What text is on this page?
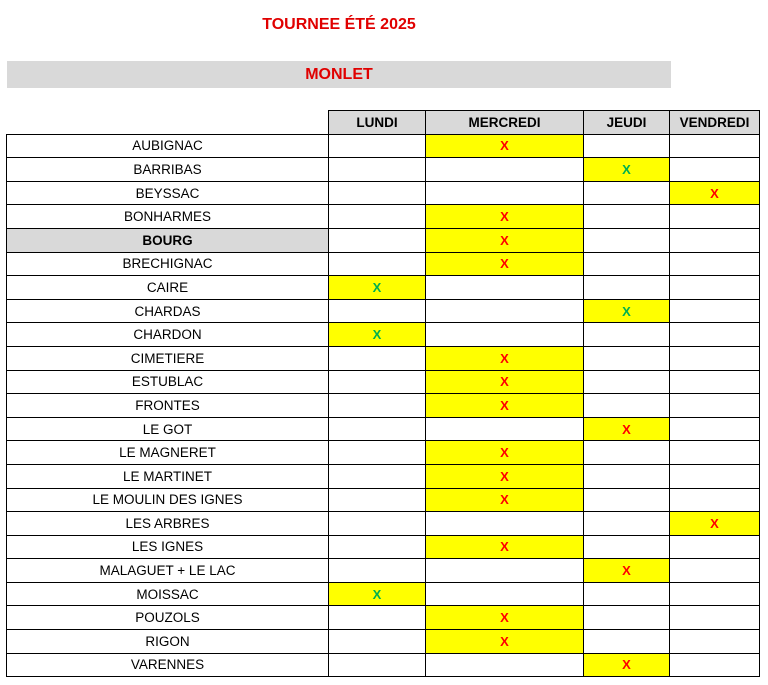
TOURNEE ÉTÉ 2025
MONLET
	LUNDI	MERCREDI	JEUDI	VENDREDI
AUBIGNAC		X		
BARRIBAS			X	
BEYSSAC				X
BONHARMES		X		
BOURG		X		
BRECHIGNAC		X		
CAIRE	X			
CHARDAS			X	
CHARDON	X			
CIMETIERE		X		
ESTUBLAC		X		
FRONTES		X		
LE GOT			X	
LE MAGNERET		X		
LE MARTINET		X		
LE MOULIN DES IGNES		X		
LES ARBRES				X
LES IGNES		X		
MALAGUET + LE LAC			X	
MOISSAC	X			
POUZOLS		X		
RIGON		X		
VARENNES			X	
